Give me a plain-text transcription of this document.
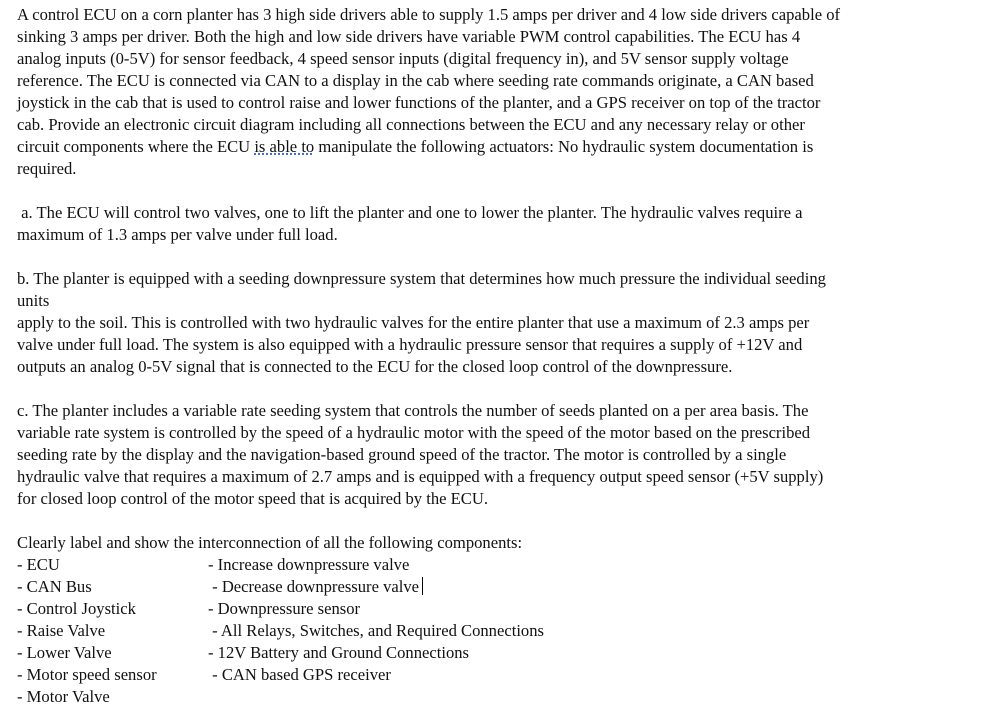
A control ECU on a corn planter has 3 high side drivers able to supply 1.5 amps per driver and 4 low side drivers capable of
sinking 3 amps per driver. Both the high and low side drivers have variable PWM control capabilities. The ECU has 4
analog inputs (0-5V) for sensor feedback, 4 speed sensor inputs (digital frequency in), and 5V sensor supply voltage
reference. The ECU is connected via CAN to a display in the cab where seeding rate commands originate, a CAN based
joystick in the cab that is used to control raise and lower functions of the planter, and a GPS receiver on top of the tractor
cab. Provide an electronic circuit diagram including all connections between the ECU and any necessary relay or other
circuit components where the ECU is able to manipulate the following actuators: No hydraulic system documentation is
required.
a. The ECU will control two valves, one to lift the planter and one to lower the planter. The hydraulic valves require a
maximum of 1.3 amps per valve under full load.
b. The planter is equipped with a seeding downpressure system that determines how much pressure the individual seeding
units
apply to the soil. This is controlled with two hydraulic valves for the entire planter that use a maximum of 2.3 amps per
valve under full load. The system is also equipped with a hydraulic pressure sensor that requires a supply of +12V and
outputs an analog 0-5V signal that is connected to the ECU for the closed loop control of the downpressure.
c. The planter includes a variable rate seeding system that controls the number of seeds planted on a per area basis. The
variable rate system is controlled by the speed of a hydraulic motor with the speed of the motor based on the prescribed
seeding rate by the display and the navigation-based ground speed of the tractor. The motor is controlled by a single
hydraulic valve that requires a maximum of 2.7 amps and is equipped with a frequency output speed sensor (+5V supply)
for closed loop control of the motor speed that is acquired by the ECU.
Clearly label and show the interconnection of all the following components:
- ECU
- CAN Bus
- Control Joystick
- Raise Valve
- Lower Valve
- Motor speed sensor
- Motor Valve
- Increase downpressure valve
- Decrease downpressure valve
- Downpressure sensor
- All Relays, Switches, and Required Connections
- 12V Battery and Ground Connections
- CAN based GPS receiver
